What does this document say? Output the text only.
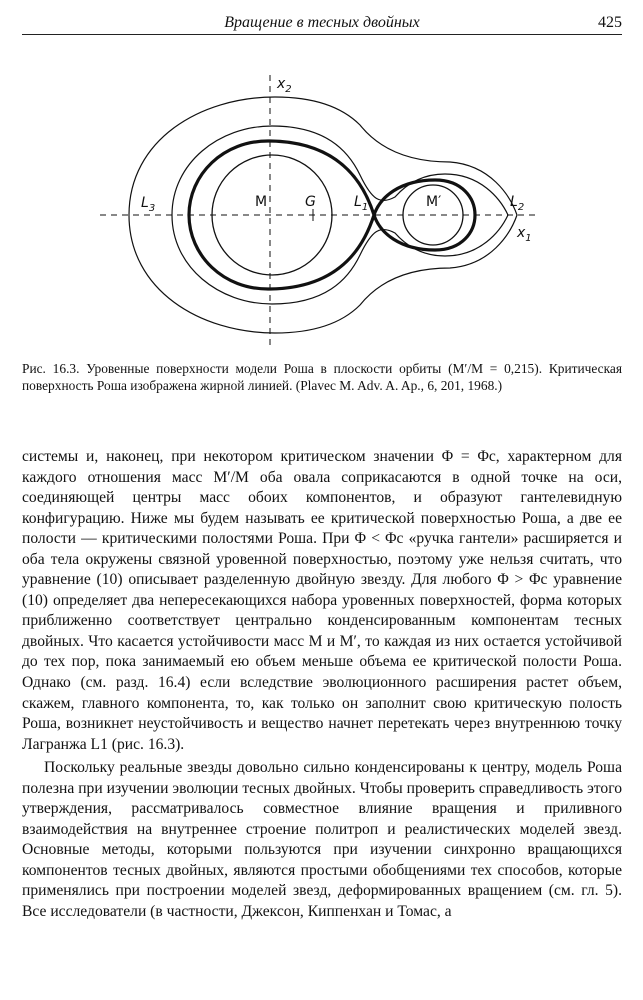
Вращение в тесных двойных	425
$x_2$
$x_1$
$L_3$	$L_1$	$L_2$
M	G	M′

Рис. 16.3. Уровенные поверхности модели Роша в плоскости орбиты (M′/M = 0,215). Критическая поверхность Роша изображена жирной линией. (Plavec M. Adv. A. Ap., 6, 201, 1968.)

системы и, наконец, при некотором критическом значении Φ = Φc, характерном для каждого отношения масс M′/M оба овала соприкасаются в одной точке на оси, соединяющей центры масс обоих компонентов, и образуют гантелевидную конфигурацию. Ниже мы будем называть ее критической поверхностью Роша, а две ее полости — критическими полостями Роша. При Φ < Φc «ручка гантели» расширяется и оба тела окружены связной уровенной поверхностью, поэтому уже нельзя считать, что уравнение (10) описывает разделенную двойную звезду. Для любого Φ > Φc уравнение (10) определяет два непересекающихся набора уровенных поверхностей, форма которых приближенно соответствует центрально конденсированным компонентам тесных двойных. Что касается устойчивости масс M и M′, то каждая из них остается устойчивой до тех пор, пока занимаемый ею объем меньше объема ее критической полости Роша. Однако (см. разд. 16.4) если вследствие эволюционного расширения растет объем, скажем, главного компонента, то, как только он заполнит свою критическую полость Роша, возникнет неустойчивость и вещество начнет перетекать через внутреннюю точку Лагранжа L1 (рис. 16.3).

Поскольку реальные звезды довольно сильно конденсированы к центру, модель Роша полезна при изучении эволюции тесных двойных. Чтобы проверить справедливость этого утверждения, рассматривалось совместное влияние вращения и приливного взаимодействия на внутреннее строение политроп и реалистических моделей звезд. Основные методы, которыми пользуются при изучении синхронно вращающихся компонентов тесных двойных, являются простыми обобщениями тех способов, которые применялись при построении моделей звезд, деформированных вращением (см. гл. 5). Все исследователи (в частности, Джексон, Киппенхан и Томас, а
